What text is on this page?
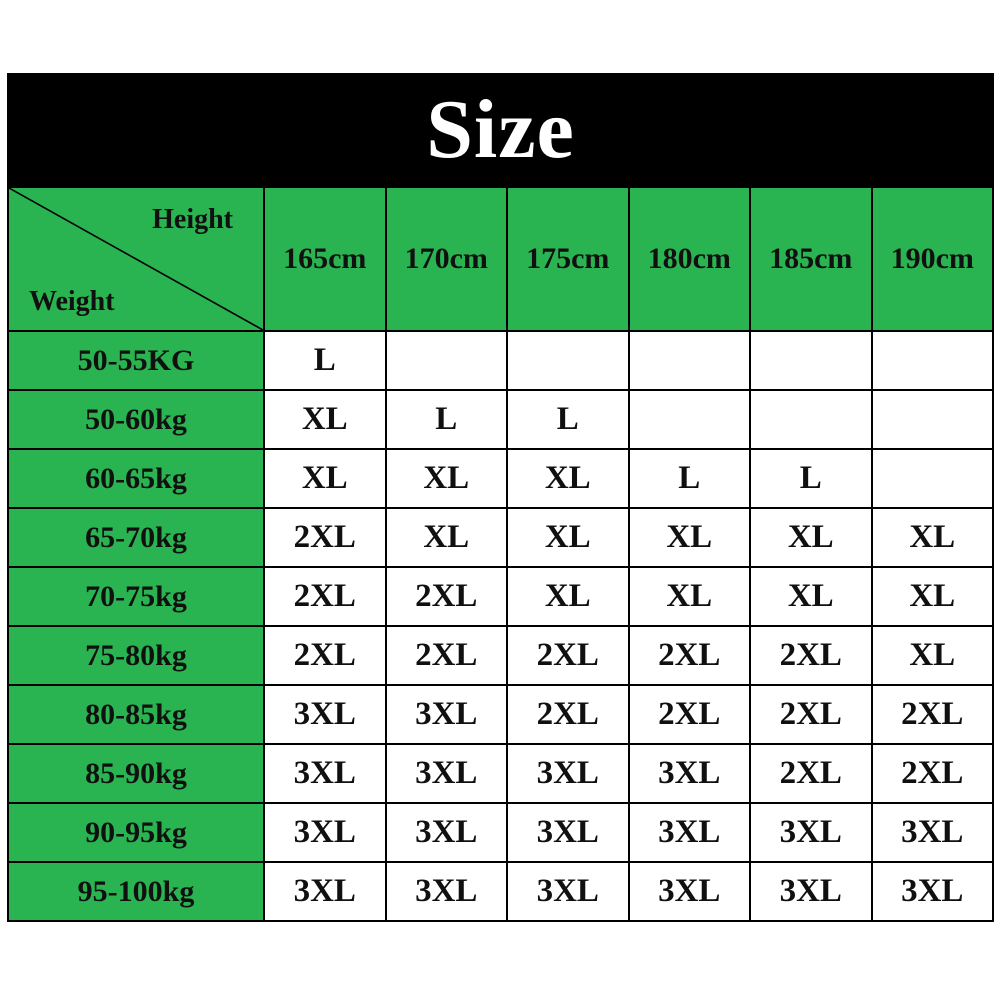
Size
Height
Weight	165cm	170cm	175cm	180cm	185cm	190cm
50-55KG	L					
50-60kg	XL	L	L			
60-65kg	XL	XL	XL	L	L	
65-70kg	2XL	XL	XL	XL	XL	XL
70-75kg	2XL	2XL	XL	XL	XL	XL
75-80kg	2XL	2XL	2XL	2XL	2XL	XL
80-85kg	3XL	3XL	2XL	2XL	2XL	2XL
85-90kg	3XL	3XL	3XL	3XL	2XL	2XL
90-95kg	3XL	3XL	3XL	3XL	3XL	3XL
95-100kg	3XL	3XL	3XL	3XL	3XL	3XL
